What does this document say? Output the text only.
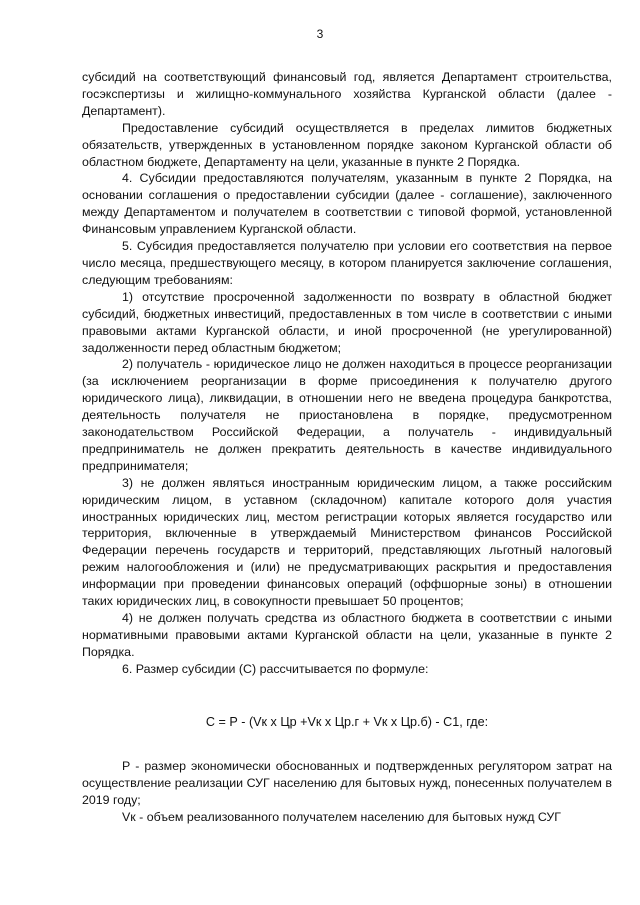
3

субсидий на соответствующий финансовый год, является Департамент строительства, госэкспертизы и жилищно-коммунального хозяйства Курганской области (далее - Департамент).

Предоставление субсидий осуществляется в пределах лимитов бюджетных обязательств, утвержденных в установленном порядке законом Курганской области об областном бюджете, Департаменту на цели, указанные в пункте 2 Порядка.

4. Субсидии предоставляются получателям, указанным в пункте 2 Порядка, на основании соглашения о предоставлении субсидии (далее - соглашение), заключенного между Департаментом и получателем в соответствии с типовой формой, установленной Финансовым управлением Курганской области.

5. Субсидия предоставляется получателю при условии его соответствия на первое число месяца, предшествующего месяцу, в котором планируется заключение соглашения, следующим требованиям:

1) отсутствие просроченной задолженности по возврату в областной бюджет субсидий, бюджетных инвестиций, предоставленных в том числе в соответствии с иными правовыми актами Курганской области, и иной просроченной (не урегулированной) задолженности перед областным бюджетом;

2) получатель - юридическое лицо не должен находиться в процессе реорганизации (за исключением реорганизации в форме присоединения к получателю другого юридического лица), ликвидации, в отношении него не введена процедура банкротства, деятельность получателя не приостановлена в порядке, предусмотренном законодательством Российской Федерации, а получатель - индивидуальный предприниматель не должен прекратить деятельность в качестве индивидуального предпринимателя;

3) не должен являться иностранным юридическим лицом, а также российским юридическим лицом, в уставном (складочном) капитале которого доля участия иностранных юридических лиц, местом регистрации которых является государство или территория, включенные в утверждаемый Министерством финансов Российской Федерации перечень государств и территорий, представляющих льготный налоговый режим налогообложения и (или) не предусматривающих раскрытия и предоставления информации при проведении финансовых операций (оффшорные зоны) в отношении таких юридических лиц, в совокупности превышает 50 процентов;

4) не должен получать средства из областного бюджета в соответствии с иными нормативными правовыми актами Курганской области на цели, указанные в пункте 2 Порядка.

6. Размер субсидии (С) рассчитывается по формуле:

С = Р - (Vк х Цр +Vк х Цр.г + Vк х Цр.б) - С1, где:

Р - размер экономически обоснованных и подтвержденных регулятором затрат на осуществление реализации СУГ населению для бытовых нужд, понесенных получателем в 2019 году;

Vк - объем реализованного получателем населению для бытовых нужд СУГ
